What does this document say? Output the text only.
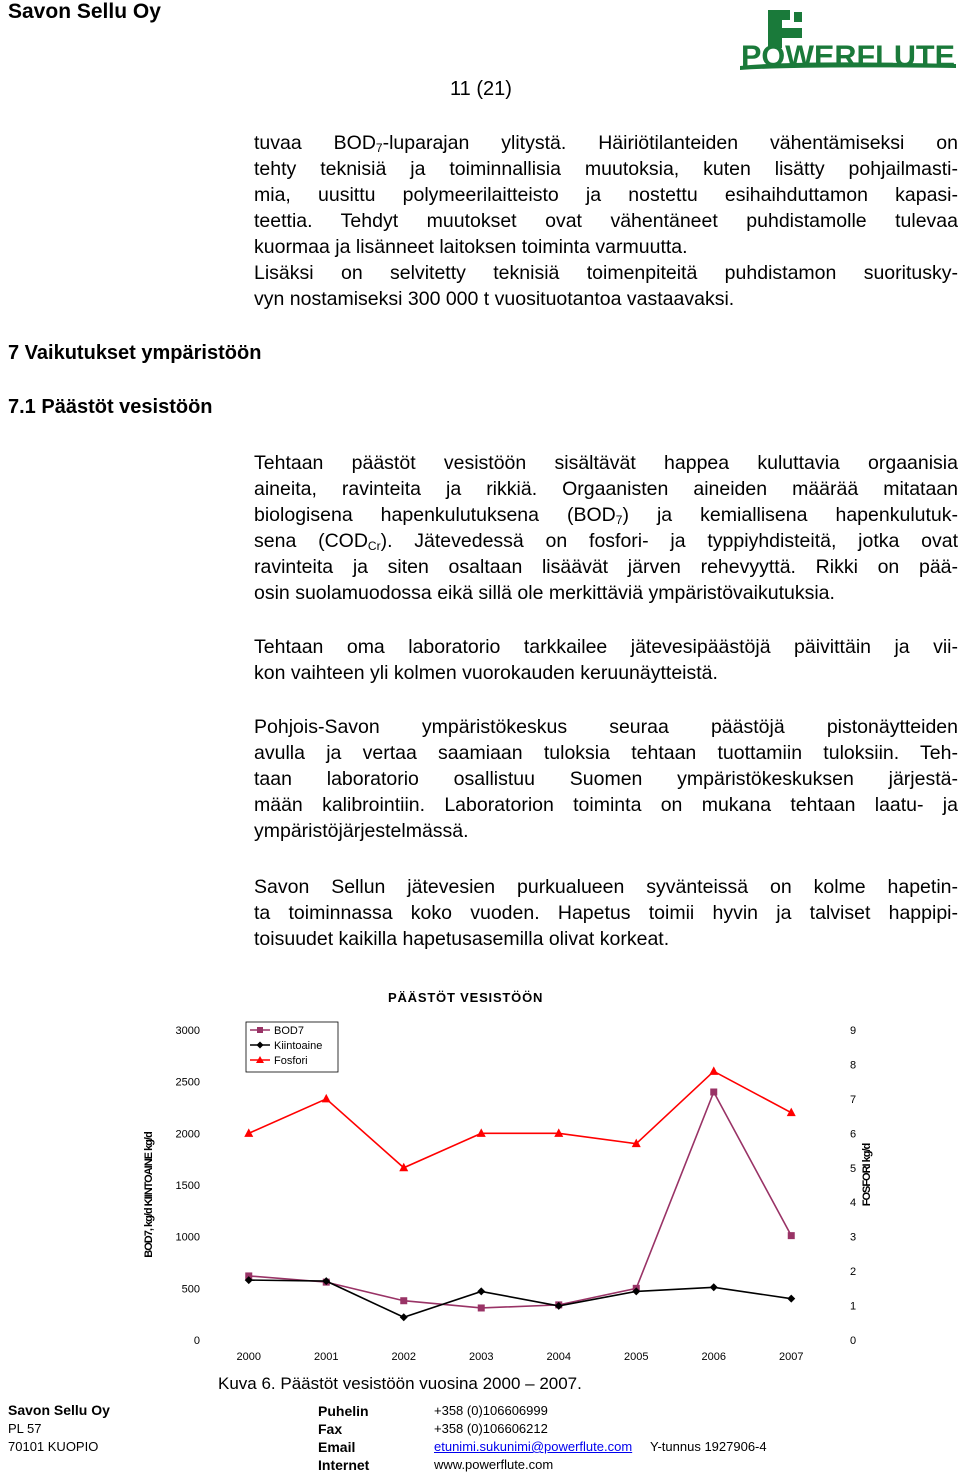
Savon Sellu Oy
11 (21)
POWERFLUTE
tuvaa $BOD_7$-luparajan ylitystä. Häiriötilanteiden vähentämiseksi on
tehty teknisiä ja toiminnallisia muutoksia, kuten lisätty pohjailmasti-
mia, uusittu polymeerilaitteisto ja nostettu esihaihduttamon kapasi-
teettia. Tehdyt muutokset ovat vähentäneet puhdistamolle tulevaa
kuormaa ja lisänneet laitoksen toiminta varmuutta.
Lisäksi on selvitetty teknisiä toimenpiteitä puhdistamon suoritusky-
vyn nostamiseksi 300 000 t vuosituotantoa vastaavaksi.
7 Vaikutukset ympäristöön
7.1 Päästöt vesistöön
Tehtaan päästöt vesistöön sisältävät happea kuluttavia orgaanisia
aineita, ravinteita ja rikkiä. Orgaanisten aineiden määrää mitataan
biologisena hapenkulutuksena $(BOD_7)$ ja kemiallisena hapenkulutuk-
sena $(COD_{Cr})$. Jätevedessä on fosfori- ja typpiyhdisteitä, jotka ovat
ravinteita ja siten osaltaan lisäävät järven rehevyyttä. Rikki on pää-
osin suolamuodossa eikä sillä ole merkittäviä ympäristövaikutuksia.
Tehtaan oma laboratorio tarkkailee jätevesipäästöjä päivittäin ja vii-
kon vaihteen yli kolmen vuorokauden keruunäytteistä.
Pohjois-Savon ympäristökeskus seuraa päästöjä pistonäytteiden
avulla ja vertaa saamiaan tuloksia tehtaan tuottamiin tuloksiin. Teh-
taan laboratorio osallistuu Suomen ympäristökeskuksen järjestä-
mään kalibrointiin. Laboratorion toiminta on mukana tehtaan laatu- ja
ympäristöjärjestelmässä.
Savon Sellun jätevesien purkualueen syvänteissä on kolme hapetin-
ta toiminnassa koko vuoden. Hapetus toimii hyvin ja talviset happipi-
toisuudet kaikilla hapetusasemilla olivat korkeat.
PÄÄSTÖT VESISTÖÖN
0
500
1000
1500
2000
2500
3000
0
1
2
3
4
5
6
7
8
9
2000	2001	2002	2003	2004	2005	2006	2007
BOD7, kg/d KIINTOAINE kg/d	FOSFORI kg/d
BOD7
Kiintoaine
Fosfori
Kuva 6. Päästöt vesistöön vuosina 2000 – 2007.
Savon Sellu Oy
PL 57
70101 KUOPIO
Puhelin	+358 (0)106606999
Fax	+358 (0)106606212
Email	etunimi.sukunimi@powerflute.com Y-tunnus 1927906-4
Internet	www.powerflute.com
